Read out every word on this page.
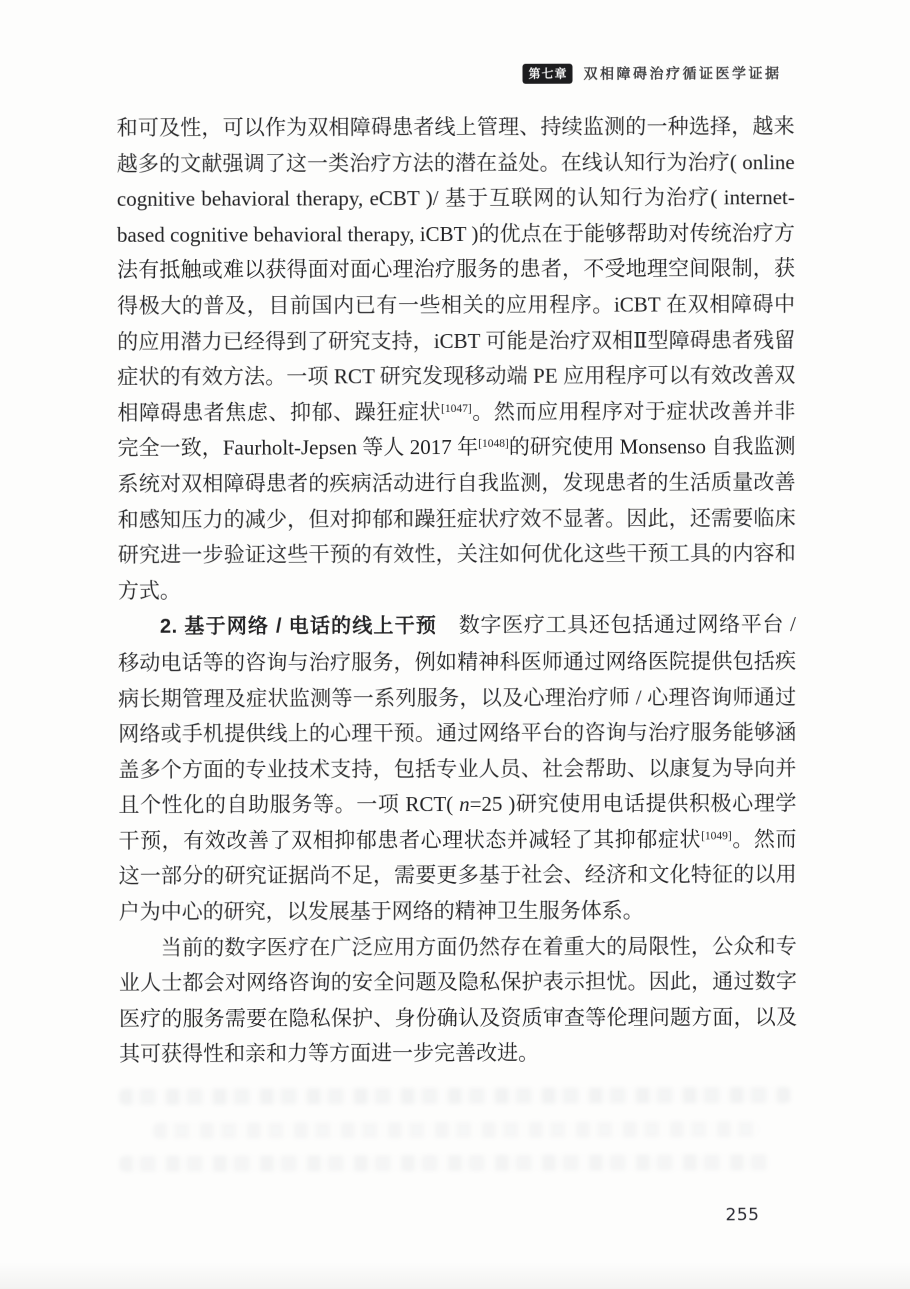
第七章	双相障碍治疗循证医学证据

和可及性，可以作为双相障碍患者线上管理、持续监测的一种选择，越来越多的文献强调了这一类治疗方法的潜在益处。在线认知行为治疗( online cognitive behavioral therapy, eCBT )/ 基于互联网的认知行为治疗( internet-based cognitive behavioral therapy, iCBT )的优点在于能够帮助对传统治疗方法有抵触或难以获得面对面心理治疗服务的患者，不受地理空间限制，获得极大的普及，目前国内已有一些相关的应用程序。iCBT 在双相障碍中的应用潜力已经得到了研究支持，iCBT 可能是治疗双相Ⅱ型障碍患者残留症状的有效方法。一项 RCT 研究发现移动端 PE 应用程序可以有效改善双相障碍患者焦虑、抑郁、躁狂症状[1047]。然而应用程序对于症状改善并非完全一致，Faurholt-Jepsen 等人 2017 年[1048]的研究使用 Monsenso 自我监测系统对双相障碍患者的疾病活动进行自我监测，发现患者的生活质量改善和感知压力的减少，但对抑郁和躁狂症状疗效不显著。因此，还需要临床研究进一步验证这些干预的有效性，关注如何优化这些干预工具的内容和方式。

2. 基于网络 / 电话的线上干预　数字医疗工具还包括通过网络平台 / 移动电话等的咨询与治疗服务，例如精神科医师通过网络医院提供包括疾病长期管理及症状监测等一系列服务，以及心理治疗师 / 心理咨询师通过网络或手机提供线上的心理干预。通过网络平台的咨询与治疗服务能够涵盖多个方面的专业技术支持，包括专业人员、社会帮助、以康复为导向并且个性化的自助服务等。一项 RCT( n=25 )研究使用电话提供积极心理学干预，有效改善了双相抑郁患者心理状态并减轻了其抑郁症状[1049]。然而这一部分的研究证据尚不足，需要更多基于社会、经济和文化特征的以用户为中心的研究，以发展基于网络的精神卫生服务体系。

当前的数字医疗在广泛应用方面仍然存在着重大的局限性，公众和专业人士都会对网络咨询的安全问题及隐私保护表示担忧。因此，通过数字医疗的服务需要在隐私保护、身份确认及资质审查等伦理问题方面，以及其可获得性和亲和力等方面进一步完善改进。

255
